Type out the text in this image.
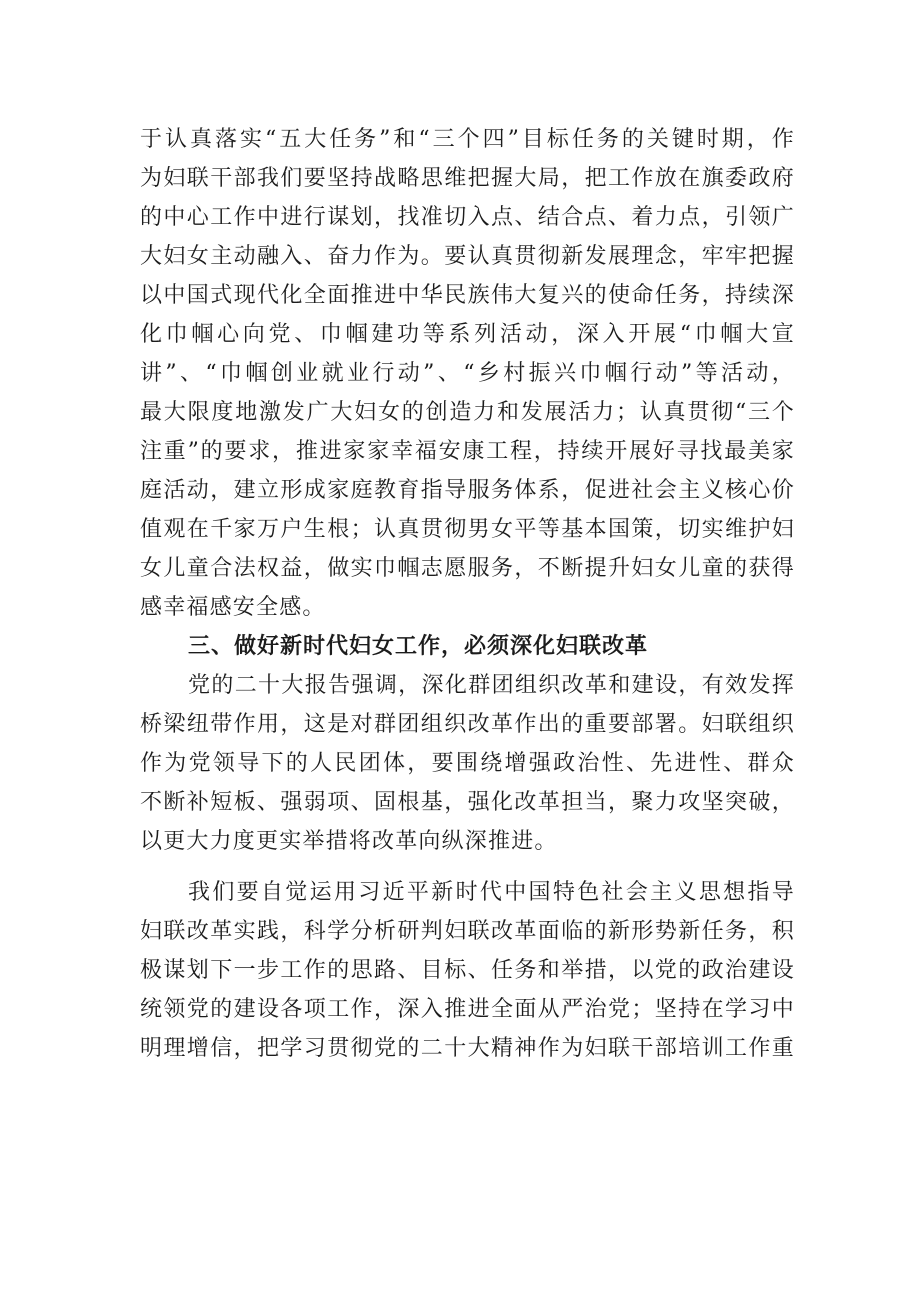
于认真落实“五大任务”和“三个四”目标任务的关键时期，作
为妇联干部我们要坚持战略思维把握大局，把工作放在旗委政府
的中心工作中进行谋划，找准切入点、结合点、着力点，引领广
大妇女主动融入、奋力作为。要认真贯彻新发展理念，牢牢把握
以中国式现代化全面推进中华民族伟大复兴的使命任务，持续深
化巾帼心向党、巾帼建功等系列活动，深入开展“巾帼大宣
讲”、“巾帼创业就业行动”、“乡村振兴巾帼行动”等活动，
最大限度地激发广大妇女的创造力和发展活力；认真贯彻“三个
注重”的要求，推进家家幸福安康工程，持续开展好寻找最美家
庭活动，建立形成家庭教育指导服务体系，促进社会主义核心价
值观在千家万户生根；认真贯彻男女平等基本国策，切实维护妇
女儿童合法权益，做实巾帼志愿服务，不断提升妇女儿童的获得
感幸福感安全感。
三、做好新时代妇女工作，必须深化妇联改革
党的二十大报告强调，深化群团组织改革和建设，有效发挥
桥梁纽带作用，这是对群团组织改革作出的重要部署。妇联组织
作为党领导下的人民团体，要围绕增强政治性、先进性、群众
不断补短板、强弱项、固根基，强化改革担当，聚力攻坚突破，
以更大力度更实举措将改革向纵深推进。
我们要自觉运用习近平新时代中国特色社会主义思想指导
妇联改革实践，科学分析研判妇联改革面临的新形势新任务，积
极谋划下一步工作的思路、目标、任务和举措，以党的政治建设
统领党的建设各项工作，深入推进全面从严治党；坚持在学习中
明理增信，把学习贯彻党的二十大精神作为妇联干部培训工作重
